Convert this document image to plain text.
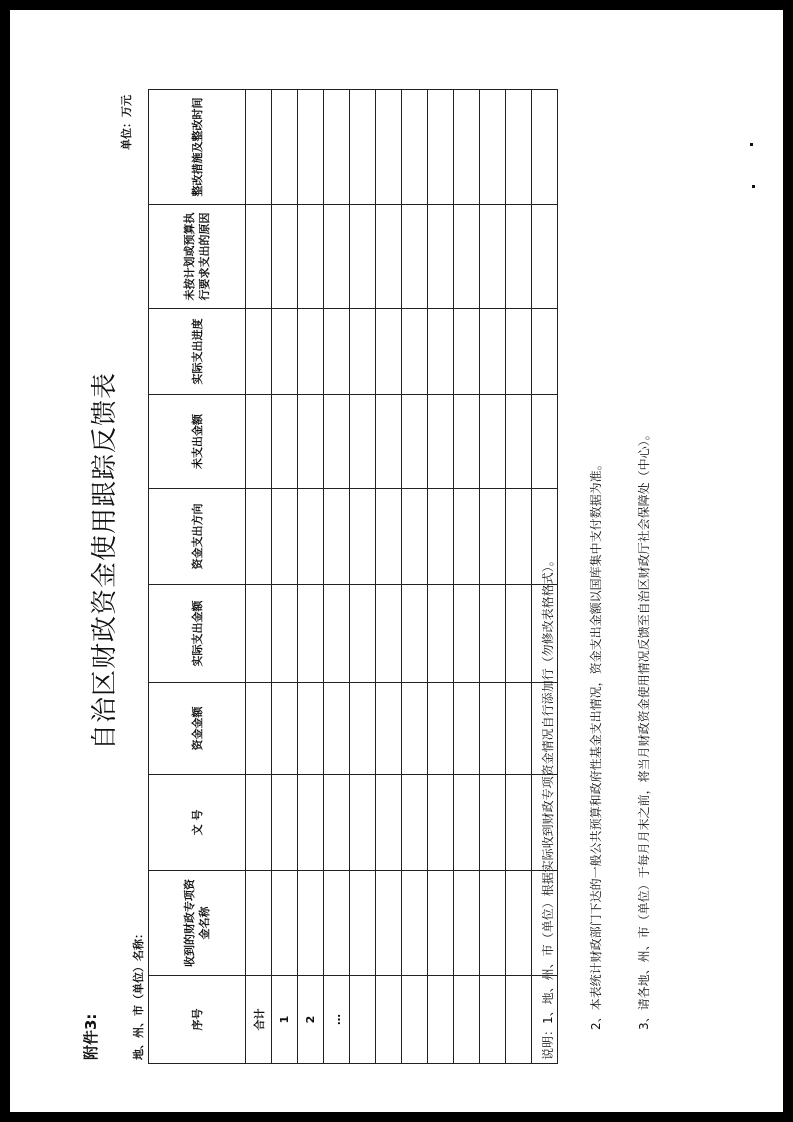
附件3:
自治区财政资金使用跟踪反馈表
单位：万元
地、州、市（单位）名称：	序号	收到的财政专项资金名称	文 号	资金金额	实际支出金额	资金支出方向	未支出金额	实际支出进度	未按计划或预算执行要求支出的原因	整改措施及整改时间
合计									
1									
2									
…									

										说明：1、地、州、市（单位）根据实际收到财政专项资金情况自行添加行（勿修改表格格式）。	2、本表统计财政部门下达的一般公共预算和政府性基金支出情况，资金支出金额以国库集中支付数据为准。	3、请各地、州、市（单位）于每月月末之前，将当月财政资金使用情况反馈至自治区财政厅社会保障处（中心）。
